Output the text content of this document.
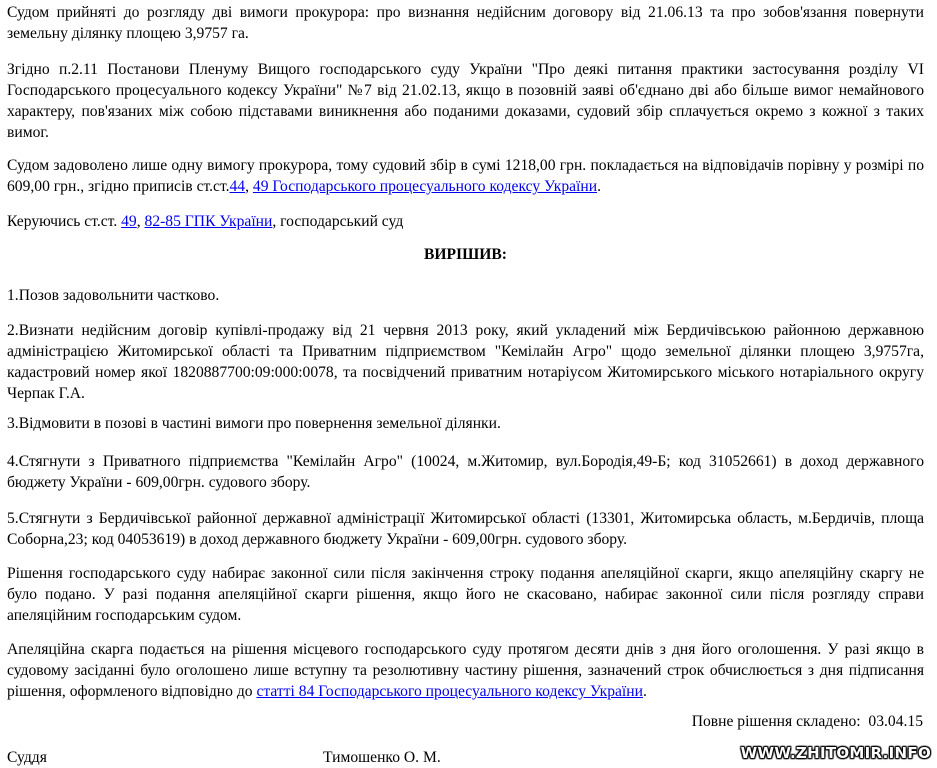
Судом прийняті до розгляду дві вимоги прокурора: про визнання недійсним договору від 21.06.13 та про зобов'язання повернути земельну ділянку площею 3,9757 га.

Згідно п.2.11 Постанови Пленуму Вищого господарського суду України "Про деякі питання практики застосування розділу VI Господарського процесуального кодексу України" №7 від 21.02.13, якщо в позовній заяві об'єднано дві або більше вимог немайнового характеру, пов'язаних між собою підставами виникнення або поданими доказами, судовий збір сплачується окремо з кожної з таких вимог.

Судом задоволено лише одну вимогу прокурора, тому судовий збір в сумі 1218,00 грн. покладається на відповідачів порівну у розмірі по 609,00 грн., згідно приписів ст.ст.44, 49 Господарського процесуального кодексу України.

Керуючись ст.ст. 49, 82-85 ГПК України, господарський суд

ВИРІШИВ:

1.Позов задовольнити частково.

2.Визнати недійсним договір купівлі-продажу від 21 червня 2013 року, який укладений між Бердичівською районною державною адміністрацією Житомирської області та Приватним підприємством "Кемілайн Агро" щодо земельної ділянки площею 3,9757га, кадастровий номер якої 1820887700:09:000:0078, та посвідчений приватним нотаріусом Житомирського міського нотаріального округу Черпак Г.А.

3.Відмовити в позові в частині вимоги про повернення земельної ділянки.

4.Стягнути з Приватного підприємства "Кемілайн Агро" (10024, м.Житомир, вул.Бородія,49-Б; код 31052661) в доход державного бюджету України - 609,00грн. судового збору.

5.Стягнути з Бердичівської районної державної адміністрації Житомирської області (13301, Житомирська область, м.Бердичів, площа Соборна,23; код 04053619) в доход державного бюджету України - 609,00грн. судового збору.

Рішення господарського суду набирає законної сили після закінчення строку подання апеляційної скарги, якщо апеляційну скаргу не було подано. У разі подання апеляційної скарги рішення, якщо його не скасовано, набирає законної сили після розгляду справи апеляційним господарським судом.

Апеляційна скарга подається на рішення місцевого господарського суду протягом десяти днів з дня його оголошення. У разі якщо в судовому засіданні було оголошено лише вступну та резолютивну частину рішення, зазначений строк обчислюється з дня підписання рішення, оформленого відповідно до статті 84 Господарського процесуального кодексу України.

Повне рішення складено: 03.04.15
Суддя	Тимошенко О. М.	WWW.ZHITOMIR.INFO
